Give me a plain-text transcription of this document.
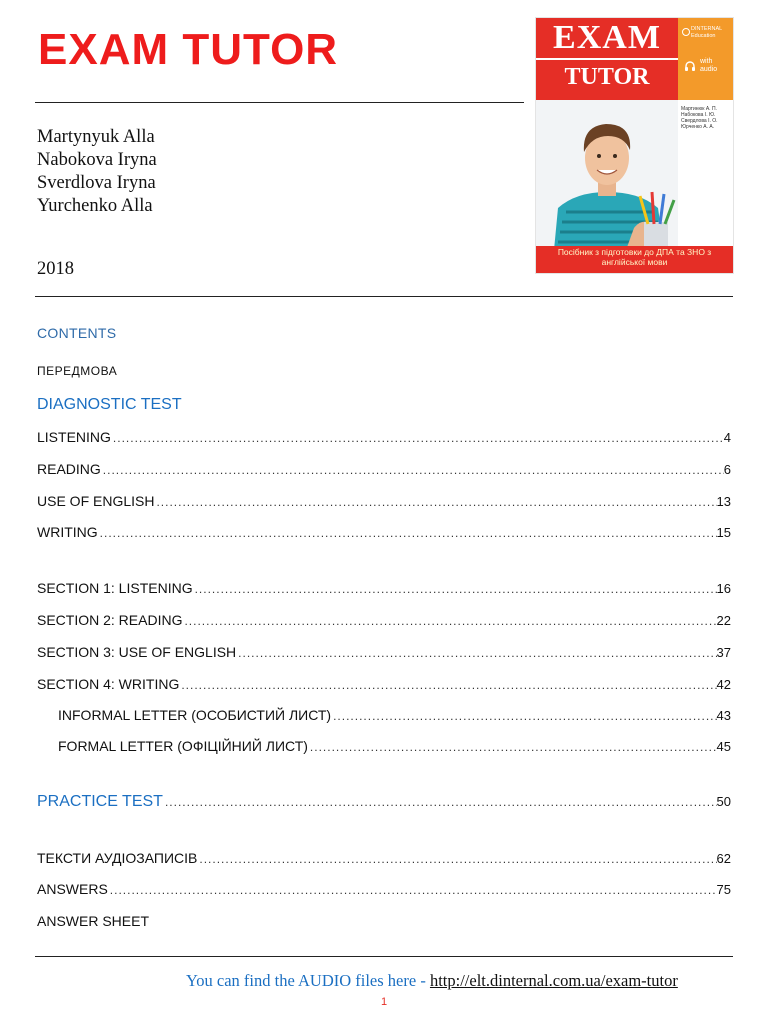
EXAM TUTOR
Martynyuk Alla
Nabokova Iryna
Sverdlova Iryna
Yurchenko Alla
2018
EXAM
TUTOR
DINTERNAL Education
with audio
Мартинюк А. П.
Набокова І. Ю.
Свердлова І. О.
Юрченко А. А.
Посібник з підготовки до ДПА та ЗНО з англійської мови
CONTENTS
ПЕРЕДМОВА
DIAGNOSTIC TEST
LISTENING .....	4
READING .....	6
USE OF ENGLISH .....	13
WRITING .....	15
SECTION 1: LISTENING .....	16
SECTION 2: READING .....	22
SECTION 3: USE OF ENGLISH .....	37
SECTION 4: WRITING .....	42
INFORMAL LETTER (ОСОБИСТИЙ ЛИСТ) .....	43
FORMAL LETTER (ОФІЦІЙНИЙ ЛИСТ) .....	45
PRACTICE TEST .....	50
ТЕКСТИ АУДІОЗАПИСІВ .....	62
ANSWERS .....	75
ANSWER SHEET
You can find the AUDIO files here - http://elt.dinternal.com.ua/exam-tutor
1
